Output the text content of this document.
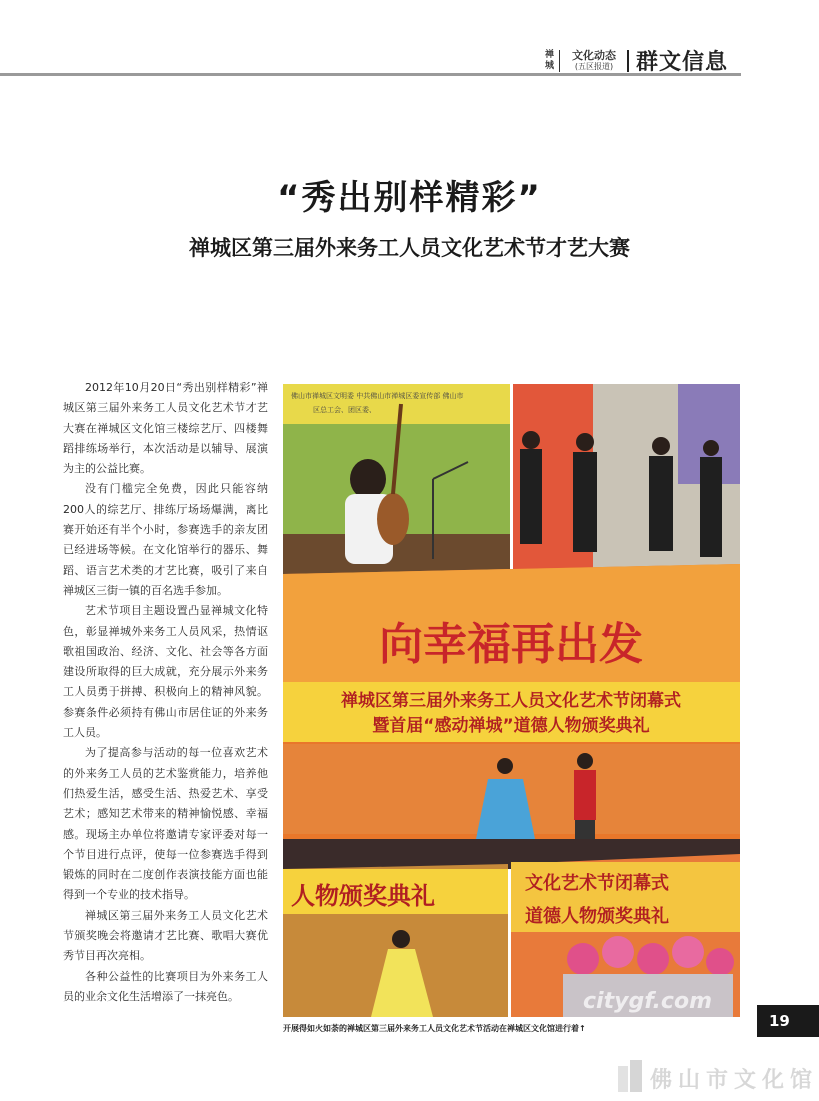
禅城
文化动态
(五区报道)	群文信息
“秀出别样精彩”
禅城区第三届外来务工人员文化艺术节才艺大赛

2012年10月20日“秀出别样精彩”禅城区第三届外来务工人员文化艺术节才艺大赛在禅城区文化馆三楼综艺厅、四楼舞蹈排练场举行，本次活动是以辅导、展演为主的公益比赛。

没有门槛完全免费，因此只能容纳200人的综艺厅、排练厅场场爆满，离比赛开始还有半个小时，参赛选手的亲友团已经进场等候。在文化馆举行的器乐、舞蹈、语言艺术类的才艺比赛，吸引了来自禅城区三街一镇的百名选手参加。

艺术节项目主题设置凸显禅城文化特色，彰显禅城外来务工人员风采，热情讴歌祖国政治、经济、文化、社会等各方面建设所取得的巨大成就，充分展示外来务工人员勇于拼搏、积极向上的精神风貌。参赛条件必须持有佛山市居住证的外来务工人员。

为了提高参与活动的每一位喜欢艺术的外来务工人员的艺术鉴赏能力，培养他们热爱生活，感受生活、热爱艺术、享受艺术；感知艺术带来的精神愉悦感、幸福感。现场主办单位将邀请专家评委对每一个节目进行点评，使每一位参赛选手得到锻炼的同时在二度创作表演技能方面也能得到一个专业的技术指导。

禅城区第三届外来务工人员文化艺术节颁奖晚会将邀请才艺比赛、歌唱大赛优秀节目再次亮相。

各种公益性的比赛项目为外来务工人员的业余文化生活增添了一抹亮色。

佛山市禅城区文明委 中共佛山市禅城区委宣传部 佛山市
区总工会、团区委、
向幸福再出发
禅城区第三届外来务工人员文化艺术节闭幕式
暨首届“感动禅城”道德人物颁奖典礼
人物颁奖典礼	文化艺术节闭幕式
道德人物颁奖典礼
citygf.com
开展得如火如荼的禅城区第三届外来务工人员文化艺术节活动在禅城区文化馆进行着↑	19
佛山市文化馆
